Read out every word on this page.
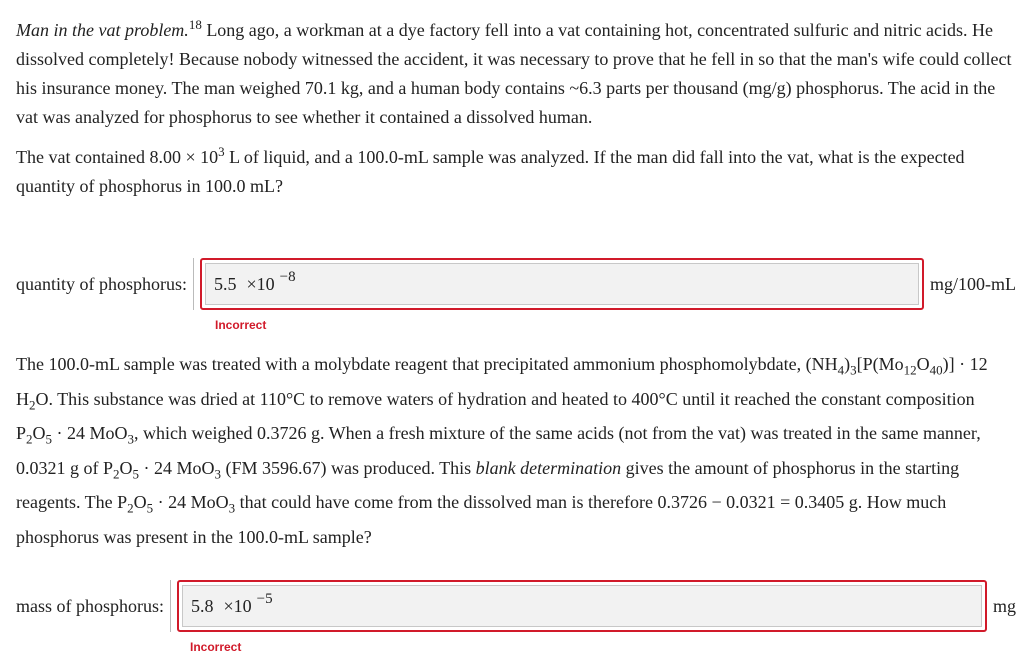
Man in the vat problem.$^{18}$ Long ago, a workman at a dye factory fell into a vat containing hot, concentrated sulfuric and nitric acids. He dissolved completely! Because nobody witnessed the accident, it was necessary to prove that he fell in so that the man's wife could collect his insurance money. The man weighed 70.1 kg, and a human body contains ~6.3 parts per thousand (mg/g) phosphorus. The acid in the vat was analyzed for phosphorus to see whether it contained a dissolved human.

The vat contained $8.00 \times 10^3$ L of liquid, and a 100.0-mL sample was analyzed. If the man did fall into the vat, what is the expected quantity of phosphorus in 100.0 mL?

quantity of phosphorus:	5.5 ×10 $^{-8}$	mg/100-mL
Incorrect

The 100.0-mL sample was treated with a molybdate reagent that precipitated ammonium phosphomolybdate, $(NH_4)_3[P(Mo_{12}O_{40})] \cdot 12$ $H_2O$. This substance was dried at 110°C to remove waters of hydration and heated to 400°C until it reached the constant composition $P_2O_5 \cdot 24$ MoO$_3$, which weighed 0.3726 g. When a fresh mixture of the same acids (not from the vat) was treated in the same manner, 0.0321 g of $P_2O_5 \cdot 24$ MoO$_3$ (FM 3596.67) was produced. This blank determination gives the amount of phosphorus in the starting reagents. The $P_2O_5 \cdot 24$ MoO$_3$ that could have come from the dissolved man is therefore 0.3726 − 0.0321 = 0.3405 g. How much phosphorus was present in the 100.0-mL sample?

mass of phosphorus:	5.8 ×10 $^{-5}$	mg
Incorrect
